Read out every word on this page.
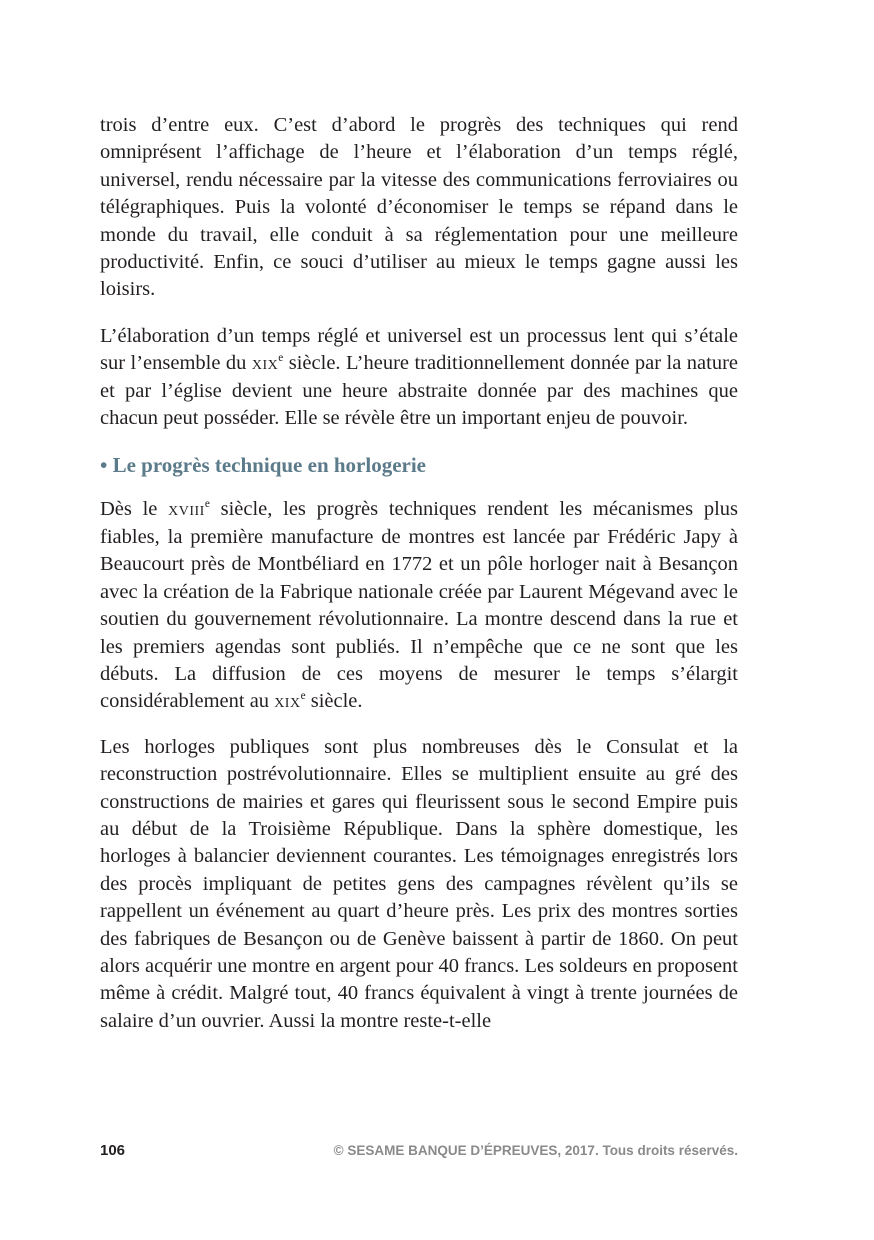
trois d’entre eux. C’est d’abord le progrès des techniques qui rend omniprésent l’affichage de l’heure et l’élaboration d’un temps réglé, universel, rendu nécessaire par la vitesse des communications ferroviaires ou télégraphiques. Puis la volonté d’économiser le temps se répand dans le monde du travail, elle conduit à sa réglementation pour une meilleure productivité. Enfin, ce souci d’utiliser au mieux le temps gagne aussi les loisirs.

L’élaboration d’un temps réglé et universel est un processus lent qui s’étale sur l’ensemble du xix$^e$ siècle. L’heure traditionnellement donnée par la nature et par l’église devient une heure abstraite donnée par des machines que chacun peut posséder. Elle se révèle être un important enjeu de pouvoir.

• Le progrès technique en horlogerie

Dès le xviii$^e$ siècle, les progrès techniques rendent les mécanismes plus fiables, la première manufacture de montres est lancée par Frédéric Japy à Beaucourt près de Montbéliard en 1772 et un pôle horloger nait à Besançon avec la création de la Fabrique nationale créée par Laurent Mégevand avec le soutien du gouvernement révolutionnaire. La montre descend dans la rue et les premiers agendas sont publiés. Il n’empêche que ce ne sont que les débuts. La diffusion de ces moyens de mesurer le temps s’élargit considérablement au xix$^e$ siècle.

Les horloges publiques sont plus nombreuses dès le Consulat et la reconstruction postrévolutionnaire. Elles se multiplient ensuite au gré des constructions de mairies et gares qui fleurissent sous le second Empire puis au début de la Troisième République. Dans la sphère domestique, les horloges à balancier deviennent courantes. Les témoignages enregistrés lors des procès impliquant de petites gens des campagnes révèlent qu’ils se rappellent un événement au quart d’heure près. Les prix des montres sorties des fabriques de Besançon ou de Genève baissent à partir de 1860. On peut alors acquérir une montre en argent pour 40 francs. Les soldeurs en proposent même à crédit. Malgré tout, 40 francs équivalent à vingt à trente journées de salaire d’un ouvrier. Aussi la montre reste-t-elle

106	© SESAME BANQUE D’ÉPREUVES, 2017. Tous droits réservés.
